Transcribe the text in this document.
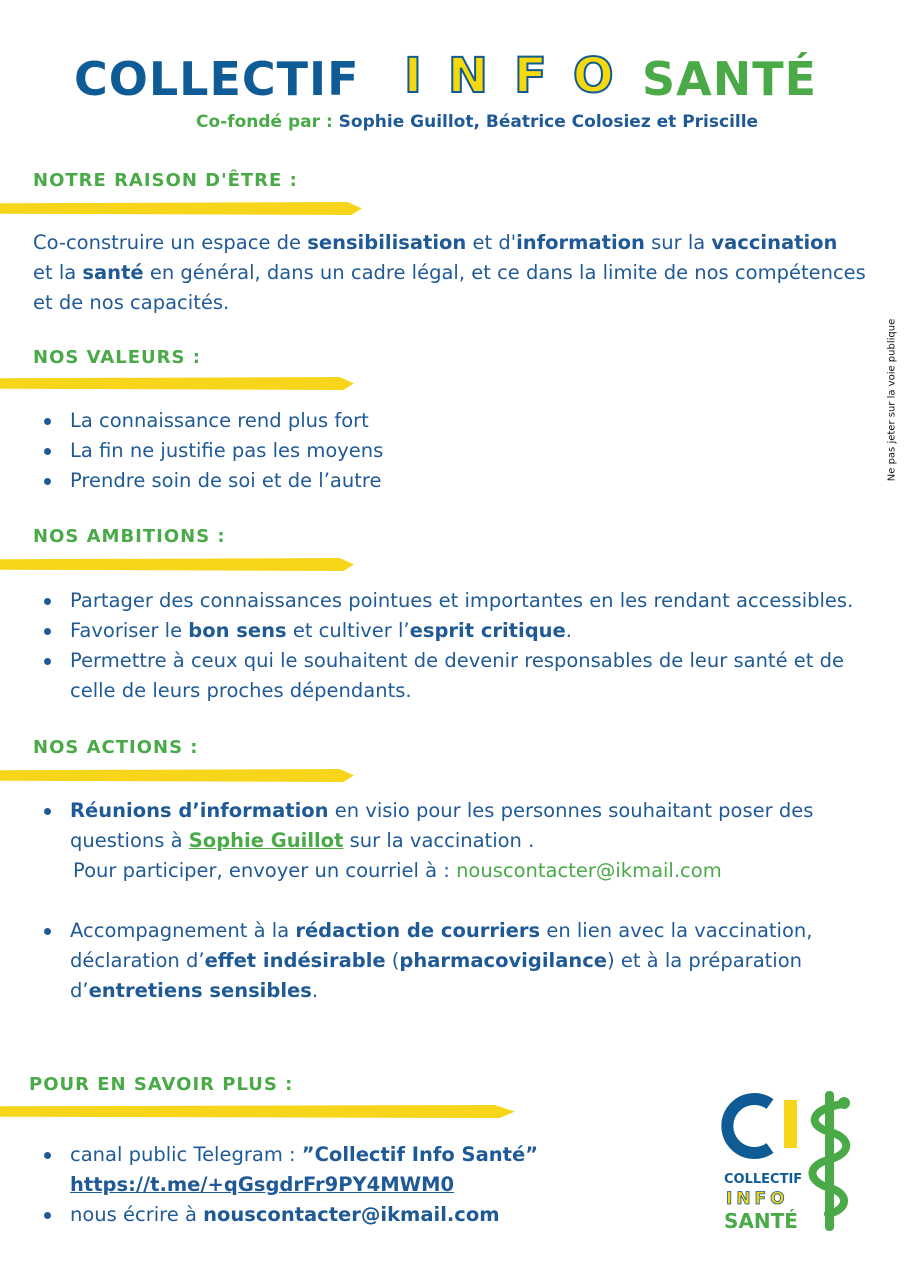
COLLECTIF I N F O SANTÉ
Co-fondé par : Sophie Guillot, Béatrice Colosiez et Priscille
Ne pas jeter sur la voie publique
NOTRE RAISON D'ÊTRE :
Co-construire un espace de sensibilisation et d'information sur la vaccination
et la santé en général, dans un cadre légal, et ce dans la limite de nos compétences
et de nos capacités.
NOS VALEURS :
La connaissance rend plus fort
La fin ne justifie pas les moyens
Prendre soin de soi et de l’autre
NOS AMBITIONS :
Partager des connaissances pointues et importantes en les rendant accessibles.
Favoriser le bon sens et cultiver l’esprit critique.
Permettre à ceux qui le souhaitent de devenir responsables de leur santé et de
celle de leurs proches dépendants.
NOS ACTIONS :
Réunions d’information en visio pour les personnes souhaitant poser des
questions à Sophie Guillot sur la vaccination .
Pour participer, envoyer un courriel à : nouscontacter@ikmail.com
Accompagnement à la rédaction de courriers en lien avec la vaccination,
déclaration d’effet indésirable (pharmacovigilance) et à la préparation
d’entretiens sensibles.
POUR EN SAVOIR PLUS :
canal public Telegram : ”Collectif Info Santé”
https://t.me/+qGsgdrFr9PY4MWM0
nous écrire à nouscontacter@ikmail.com
COLLECTIF
INFO
SANTÉ
